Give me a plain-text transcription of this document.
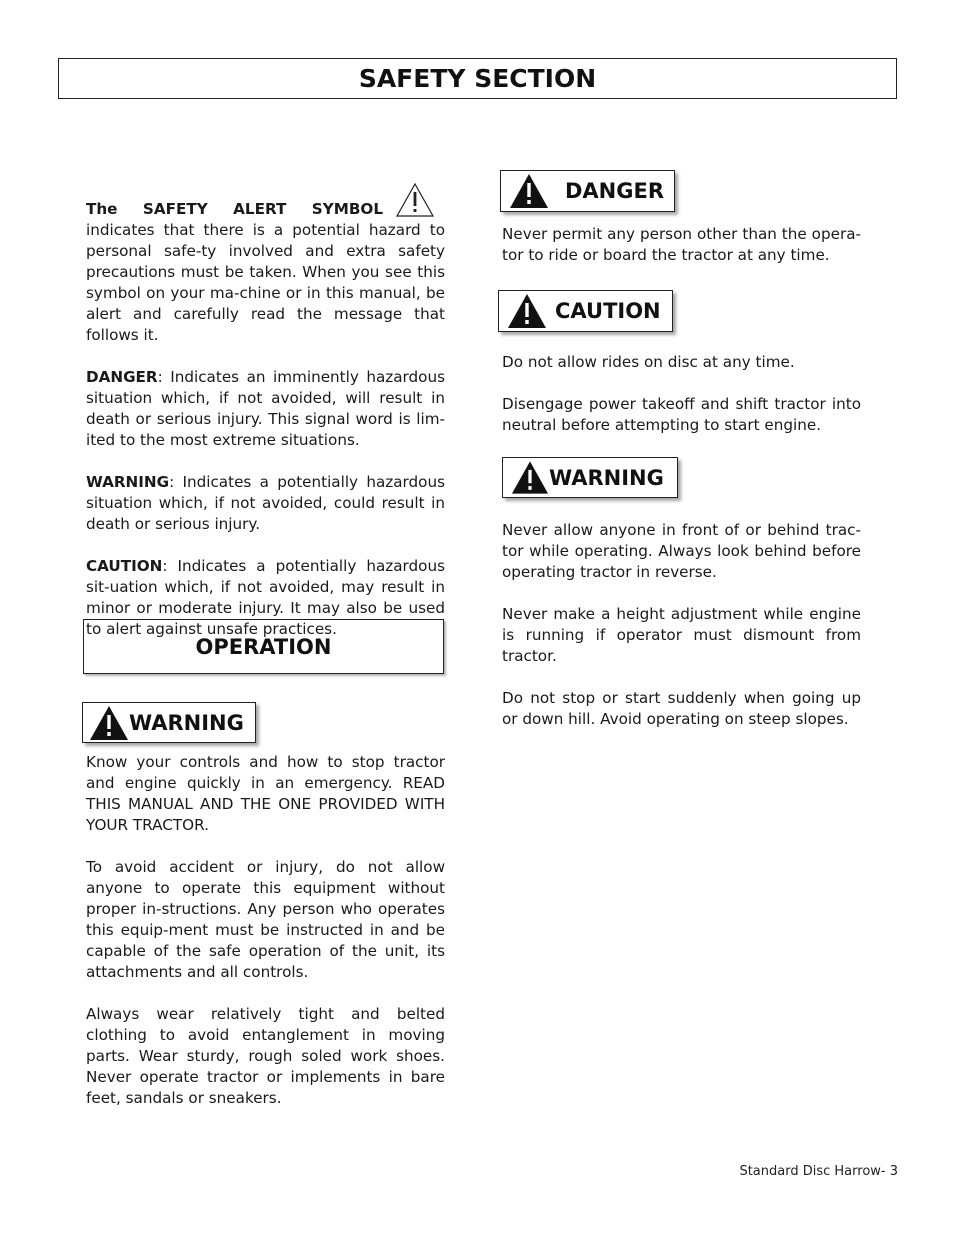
SAFETY SECTION

The SAFETY ALERT SYMBOLindicates that there is a potential hazard to personal safe-ty involved and extra safety precautions must be taken. When you see this symbol on your ma-chine or in this manual, be alert and carefully read the message that follows it.

DANGER: Indicates an imminently hazardous situation which, if not avoided, will result in death or serious injury. This signal word is lim-ited to the most extreme situations.

WARNING: Indicates a potentially hazardous situation which, if not avoided, could result in death or serious injury.

CAUTION: Indicates a potentially hazardous sit-uation which, if not avoided, may result in minor or moderate injury. It may also be used to alert against unsafe practices.

OPERATION
WARNING

Know your controls and how to stop tractor and engine quickly in an emergency. READ THIS MANUAL AND THE ONE PROVIDED WITH YOUR TRACTOR.

To avoid accident or injury, do not allow anyone to operate this equipment without proper in-structions. Any person who operates this equip-ment must be instructed in and be capable of the safe operation of the unit, its attachments and all controls.

Always wear relatively tight and belted clothing to avoid entanglement in moving parts. Wear sturdy, rough soled work shoes. Never operate tractor or implements in bare feet, sandals or sneakers.

DANGER

Never permit any person other than the opera-tor to ride or board the tractor at any time.

CAUTION

Do not allow rides on disc at any time.

Disengage power takeoff and shift tractor into neutral before attempting to start engine.

WARNING

Never allow anyone in front of or behind trac-tor while operating. Always look behind before operating tractor in reverse.

Never make a height adjustment while engine is running if operator must dismount from tractor.

Do not stop or start suddenly when going up or down hill. Avoid operating on steep slopes.

Standard Disc Harrow- 3
